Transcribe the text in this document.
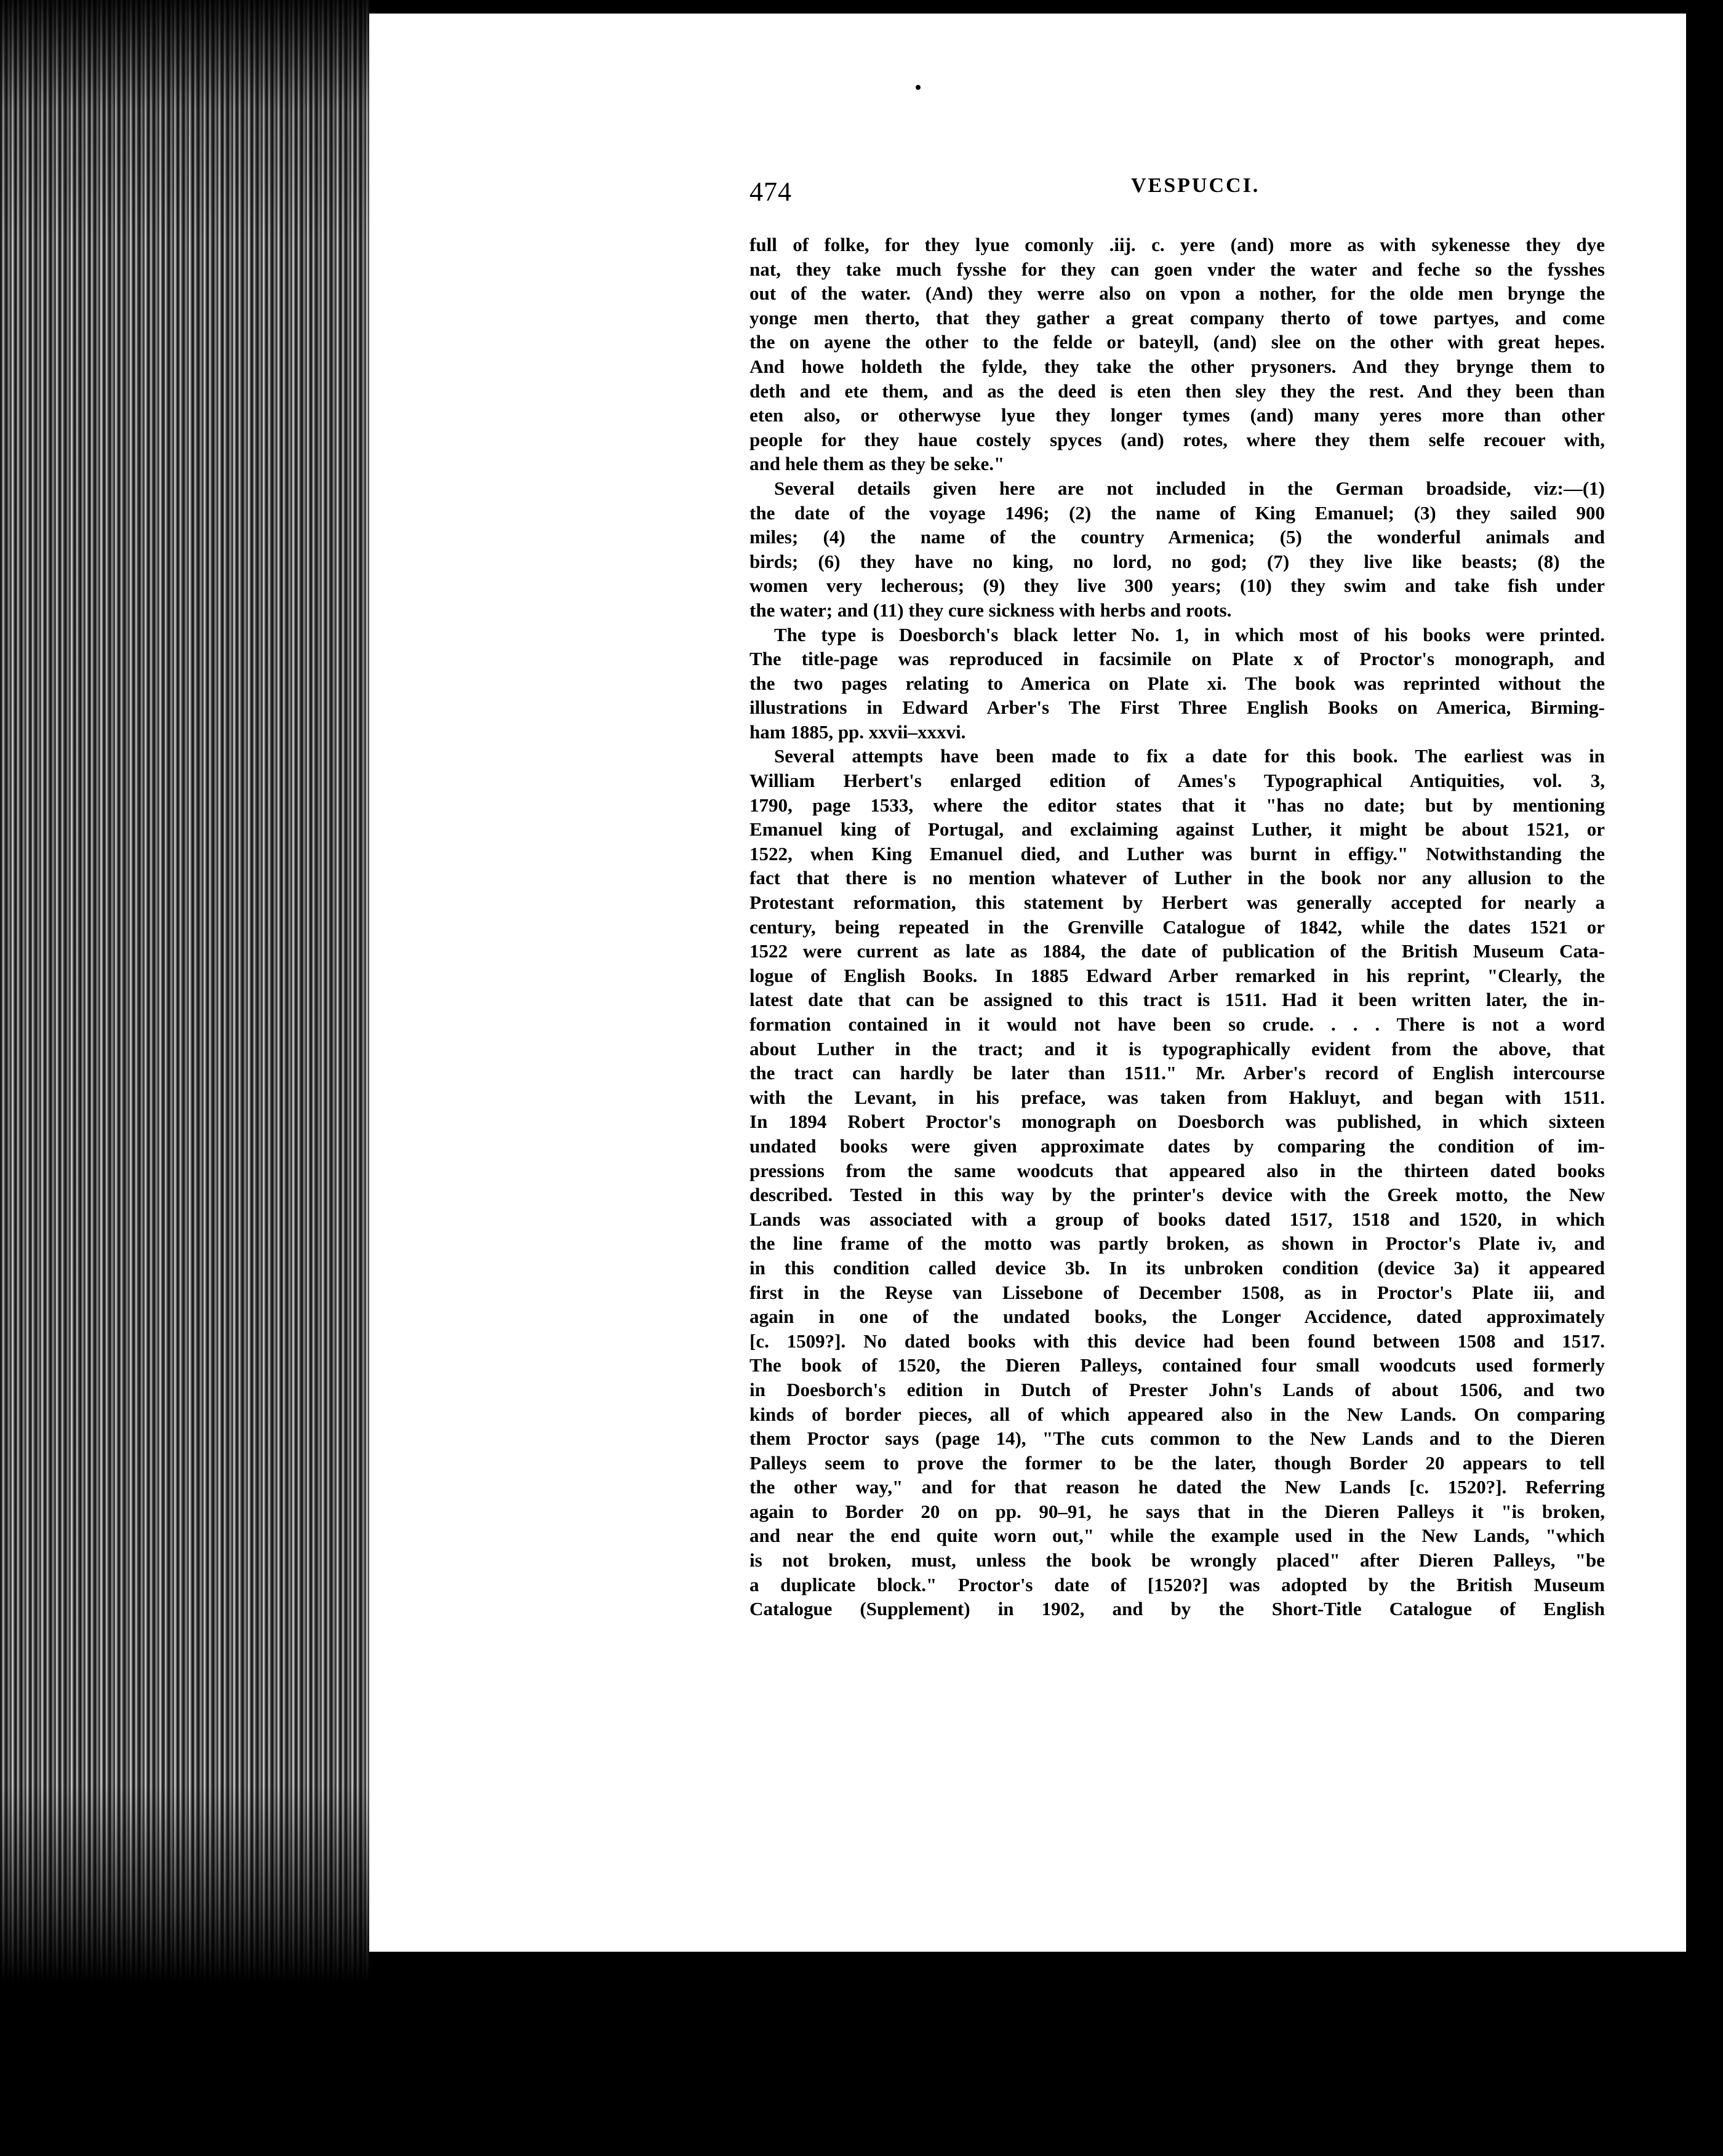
474	VESPUCCI.
full of folke, for they lyue comonly .iij. c. yere (and) more as with sykenesse they dye
nat, they take much fysshe for they can goen vnder the water and feche so the fysshes
out of the water. (And) they werre also on vpon a nother, for the olde men brynge the
yonge men therto, that they gather a great company therto of towe partyes, and come
the on ayene the other to the felde or bateyll, (and) slee on the other with great hepes.
And howe holdeth the fylde, they take the other prysoners. And they brynge them to
deth and ete them, and as the deed is eten then sley they the rest. And they been than
eten also, or otherwyse lyue they longer tymes (and) many yeres more than other
people for they haue costely spyces (and) rotes, where they them selfe recouer with,
and hele them as they be seke."
Several details given here are not included in the German broadside, viz:—(1)
the date of the voyage 1496; (2) the name of King Emanuel; (3) they sailed 900
miles; (4) the name of the country Armenica; (5) the wonderful animals and
birds; (6) they have no king, no lord, no god; (7) they live like beasts; (8) the
women very lecherous; (9) they live 300 years; (10) they swim and take fish under
the water; and (11) they cure sickness with herbs and roots.
The type is Doesborch's black letter No. 1, in which most of his books were printed.
The title-page was reproduced in facsimile on Plate x of Proctor's monograph, and
the two pages relating to America on Plate xi. The book was reprinted without the
illustrations in Edward Arber's The First Three English Books on America, Birming-
ham 1885, pp. xxvii–xxxvi.
Several attempts have been made to fix a date for this book. The earliest was in
William Herbert's enlarged edition of Ames's Typographical Antiquities, vol. 3,
1790, page 1533, where the editor states that it "has no date; but by mentioning
Emanuel king of Portugal, and exclaiming against Luther, it might be about 1521, or
1522, when King Emanuel died, and Luther was burnt in effigy." Notwithstanding the
fact that there is no mention whatever of Luther in the book nor any allusion to the
Protestant reformation, this statement by Herbert was generally accepted for nearly a
century, being repeated in the Grenville Catalogue of 1842, while the dates 1521 or
1522 were current as late as 1884, the date of publication of the British Museum Cata-
logue of English Books. In 1885 Edward Arber remarked in his reprint, "Clearly, the
latest date that can be assigned to this tract is 1511. Had it been written later, the in-
formation contained in it would not have been so crude. . . . There is not a word
about Luther in the tract; and it is typographically evident from the above, that
the tract can hardly be later than 1511." Mr. Arber's record of English intercourse
with the Levant, in his preface, was taken from Hakluyt, and began with 1511.
In 1894 Robert Proctor's monograph on Doesborch was published, in which sixteen
undated books were given approximate dates by comparing the condition of im-
pressions from the same woodcuts that appeared also in the thirteen dated books
described. Tested in this way by the printer's device with the Greek motto, the New
Lands was associated with a group of books dated 1517, 1518 and 1520, in which
the line frame of the motto was partly broken, as shown in Proctor's Plate iv, and
in this condition called device 3b. In its unbroken condition (device 3a) it appeared
first in the Reyse van Lissebone of December 1508, as in Proctor's Plate iii, and
again in one of the undated books, the Longer Accidence, dated approximately
[c. 1509?]. No dated books with this device had been found between 1508 and 1517.
The book of 1520, the Dieren Palleys, contained four small woodcuts used formerly
in Doesborch's edition in Dutch of Prester John's Lands of about 1506, and two
kinds of border pieces, all of which appeared also in the New Lands. On comparing
them Proctor says (page 14), "The cuts common to the New Lands and to the Dieren
Palleys seem to prove the former to be the later, though Border 20 appears to tell
the other way," and for that reason he dated the New Lands [c. 1520?]. Referring
again to Border 20 on pp. 90–91, he says that in the Dieren Palleys it "is broken,
and near the end quite worn out," while the example used in the New Lands, "which
is not broken, must, unless the book be wrongly placed" after Dieren Palleys, "be
a duplicate block." Proctor's date of [1520?] was adopted by the British Museum
Catalogue (Supplement) in 1902, and by the Short-Title Catalogue of English
